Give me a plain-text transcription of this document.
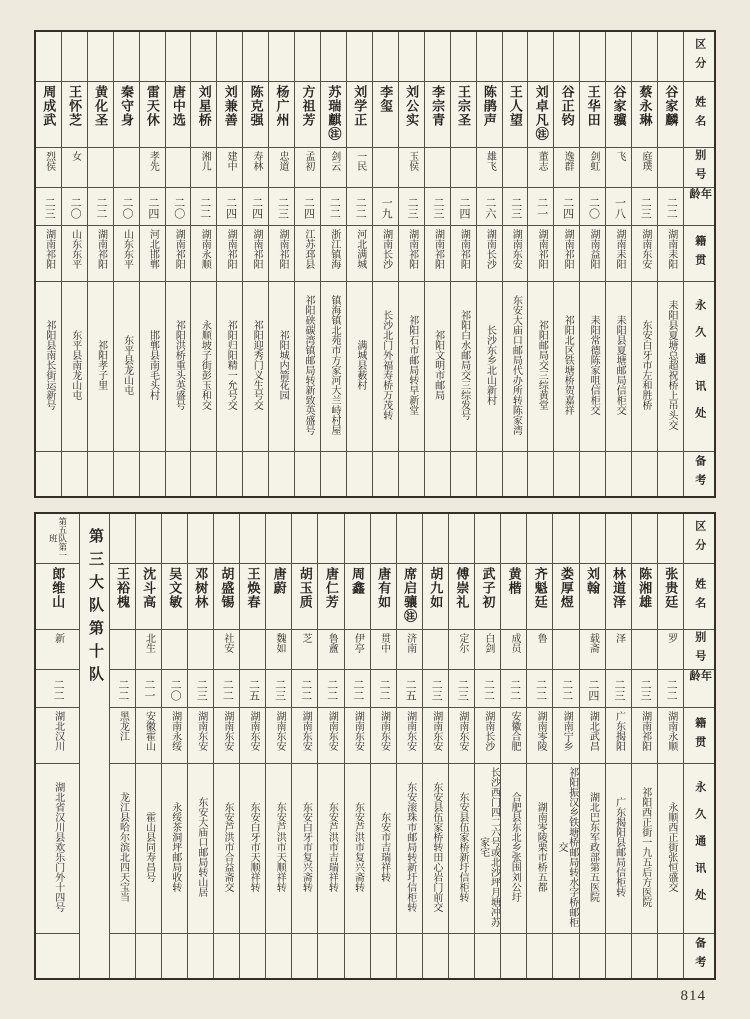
区分
姓名
别号
年龄
籍贯
永久通讯处
备考
谷家麟
二二
湖南耒阳
耒阳县夏塘总超祝桥上吊头交
蔡永琳
庭璞
二三
湖南东安
东安白牙市左和胜桥
谷家骥
飞
一八
湖南耒阳
耒阳县夏塘邮局信柜交
王华田
剑虹
二〇
湖南益阳
耒阳常德陈家咀信柜交
谷正钧
逸群
二四
湖南祁阳
祁阳北区铁塘桥贺嘉祥
刘卓凡㊟
董志
二一
湖南祁阳
祁阳邮局交三综黄堂
王人望
二三
湖南东安
东安大庙口邮局代办所转陈家湾
陈鹃声
雄飞
二六
湖南长沙
长沙东乡北山新村
王宗圣
二四
湖南祁阳
祁阳白水邮局交三综发号
李宗青
二三
湖南祁阳
祁阳文明市邮局
刘公实
玉侯
二三
湖南祁阳
祁阳石市邮局转早新堂
李玺
一九
湖南长沙
长沙北门外福寿桥万茂转
刘学正
一民
二二
河北满城
满城县薮村
苏瑞麒㊟
剑云
二二
浙江镇海
镇海镇北苑市方家河大兰峙村屋
方祖芳
孟初
二四
江苏邳县
祁阳硖碳湾镇邮局转新致英盛号
杨广州
忠道
二三
湖南祁阳
祁阳城内箭花园
陈克强
寿林
二四
湖南祁阳
祁阳迎秀门义生号交
刘兼善
建中
二四
湖南祁阳
祁阳归阳精一允号交
刘星桥
湘儿
二二
湖南永顺
永顺坡子街彭玉和交
唐中选
二〇
湖南祁阳
祁阳洪桥重头英盛号
雷天休
孝先
二四
河北邯郸
邯郸县南毛头村
秦守身
二〇
山东东平
东平县龙山屯
黄化圣
二二
湖南祁阳
祁阳孝子里
王怀芝
女
二〇
山东东平
东平县南龙山屯
周成武
烈侯
二三
湖南祁阳
祁阳县南长街运新号
区分
姓名
别号
年龄
籍贯
永久通讯处
备考
张贵廷
罗
二二
湖南永顺
永顺西正街张恒盛交
陈湘雄
二三
湖南祁阳
祁阳西正街一九五后方医院
林道泽
泽
二三
广东揭阳
广东揭阳县邮局信柜转
刘翰
载斋
二四
湖北武昌
湖北巴东军政部第五医院
娄厚煜
二二
湖南宁乡
祁阳振汉乡铁塘桥邮局转水字桥邮柜交
齐魁廷
鲁
二二
湖南零陵
湖南零陵栗市桥五都
黄楷
成员
二二
安徽合肥
合肥县东北乡张围刘公圩
武子初
白剑
二二
湖南长沙
长沙西门四二六号或北沙坪月塘冲苏家宅
傅崇礼
定尔
二三
湖南东安
东安县伍家桥新圩信柜转
胡九如
二三
湖南东安
东安县伍家桥转田心岩门前交
席启骧㊟
济南
二五
湖南东安
东安滚珠市邮局转新圩信柜转
唐有如
贯中
二二
湖南东安
东安市吉瑞祥转
周鑫
伊亭
二二
湖南东安
东安芦洪市复兴斋转
唐仁芳
鲁盦
二二
湖南东安
东安芦洪市吉瑞祥转
胡玉质
芝
二二
湖南东安
东安白牙市复兴斋转
唐蔚
魏如
二三
湖南东安
东安芦洪市天顺祥转
王焕春
二五
湖南东安
东安白牙市天顺祥转
胡盛锡
社安
二二
湖南东安
东安芦洪市合益斋交
邓树林
二三
湖南东安
东安大庙口邮局转山居
吴文敏
二〇
湖南永绥
永绥茶洞坪邮局收转
沈斗高
北生
二一
安徽霍山
霍山县同寿昌号
王裕槐
二二
黑龙江
龙江县哈尔滨北四天宝当
第三大队第十队
第五队第一班
郎维山
新
二二
湖北汉川
湖北省汉川县欢乐门外十四号
814
